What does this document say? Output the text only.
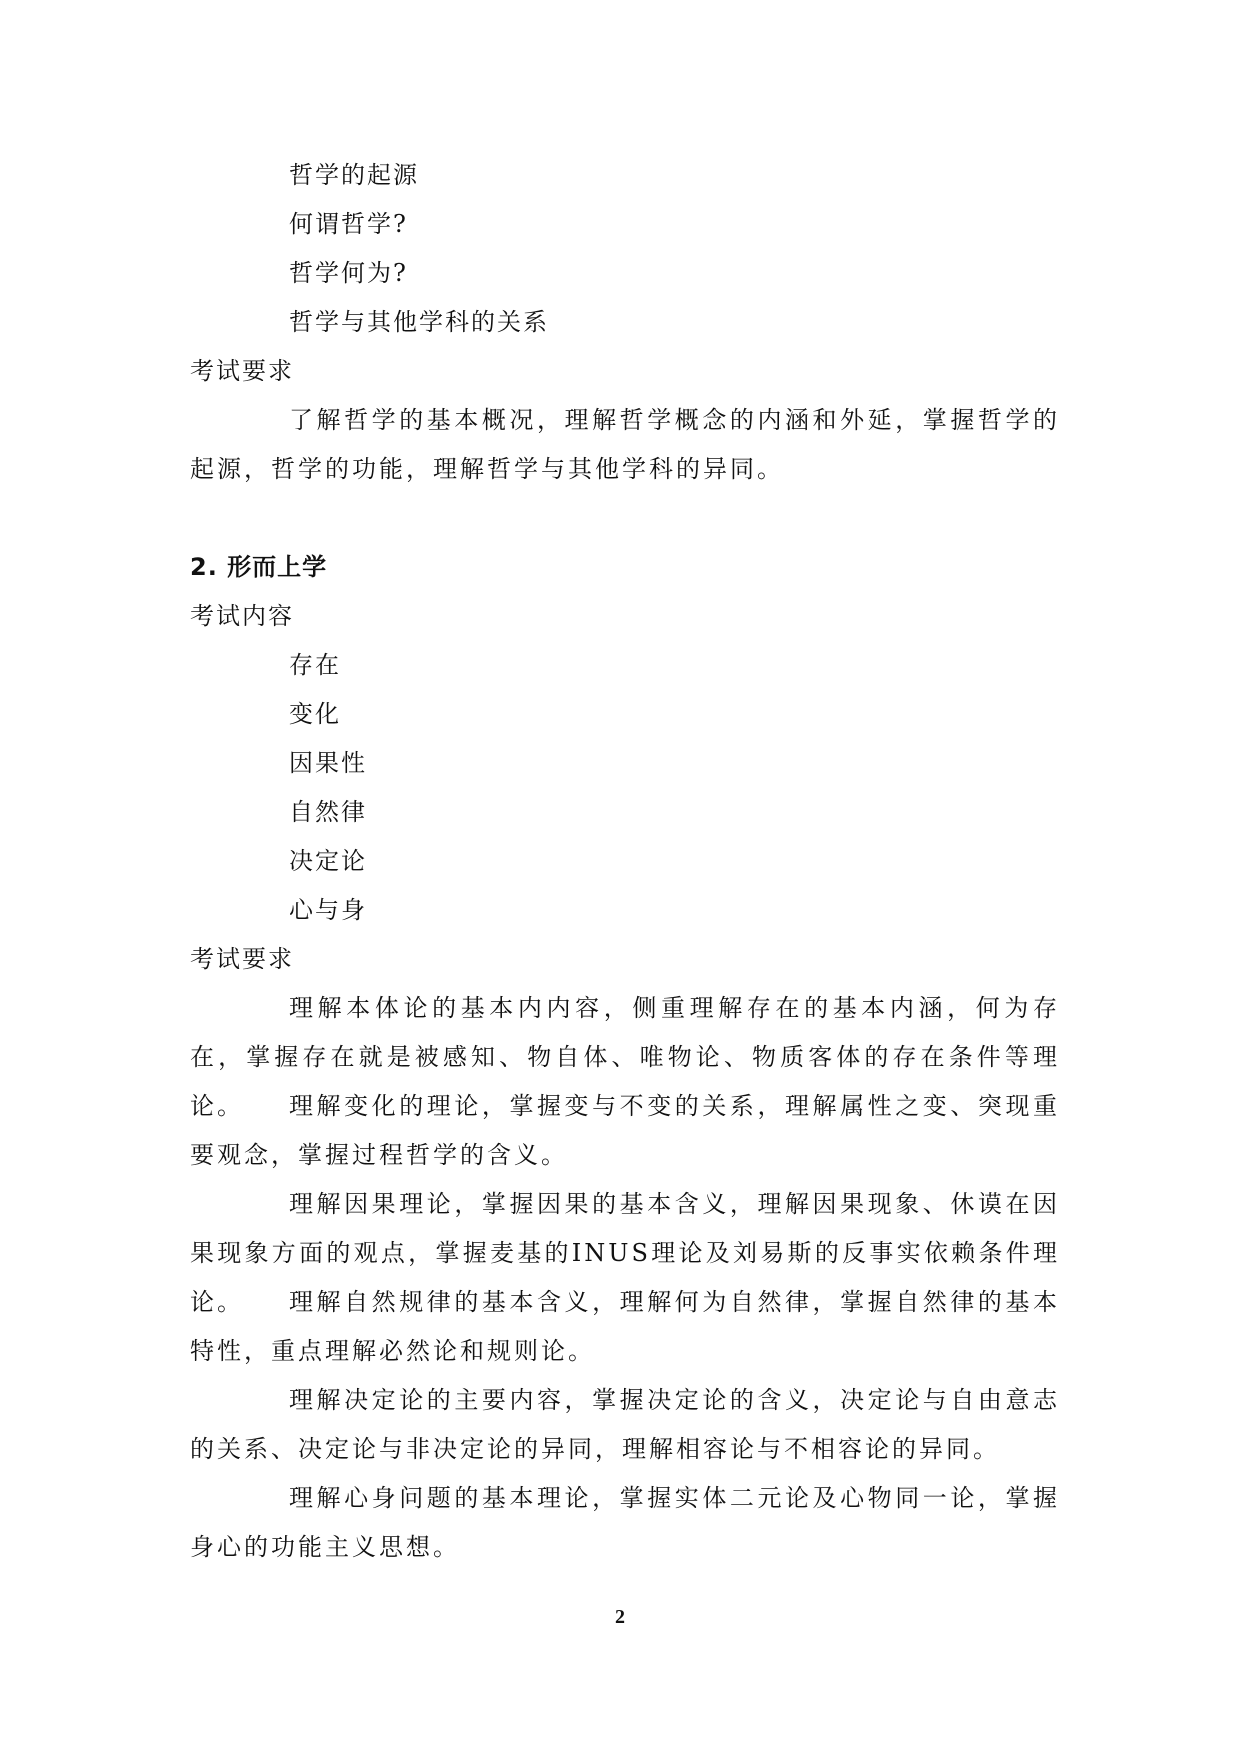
哲学的起源
何谓哲学?
哲学何为?
哲学与其他学科的关系
考试要求
了解哲学的基本概况，理解哲学概念的内涵和外延，掌握哲学的起源，哲学的功能，理解哲学与其他学科的异同。
2. 形而上学
考试内容
存在
变化
因果性
自然律
决定论
心与身
考试要求
理解本体论的基本内内容，侧重理解存在的基本内涵，何为存在，掌握存在就是被感知、物自体、唯物论、物质客体的存在条件等理论。	理解变化的理论，掌握变与不变的关系，理解属性之变、突现重要观念，掌握过程哲学的含义。
理解因果理论，掌握因果的基本含义，理解因果现象、休谟在因果现象方面的观点，掌握麦基的INUS理论及刘易斯的反事实依赖条件理论。	理解自然规律的基本含义，理解何为自然律，掌握自然律的基本特性，重点理解必然论和规则论。
理解决定论的主要内容，掌握决定论的含义，决定论与自由意志的关系、决定论与非决定论的异同，理解相容论与不相容论的异同。
理解心身问题的基本理论，掌握实体二元论及心物同一论，掌握身心的功能主义思想。
2
